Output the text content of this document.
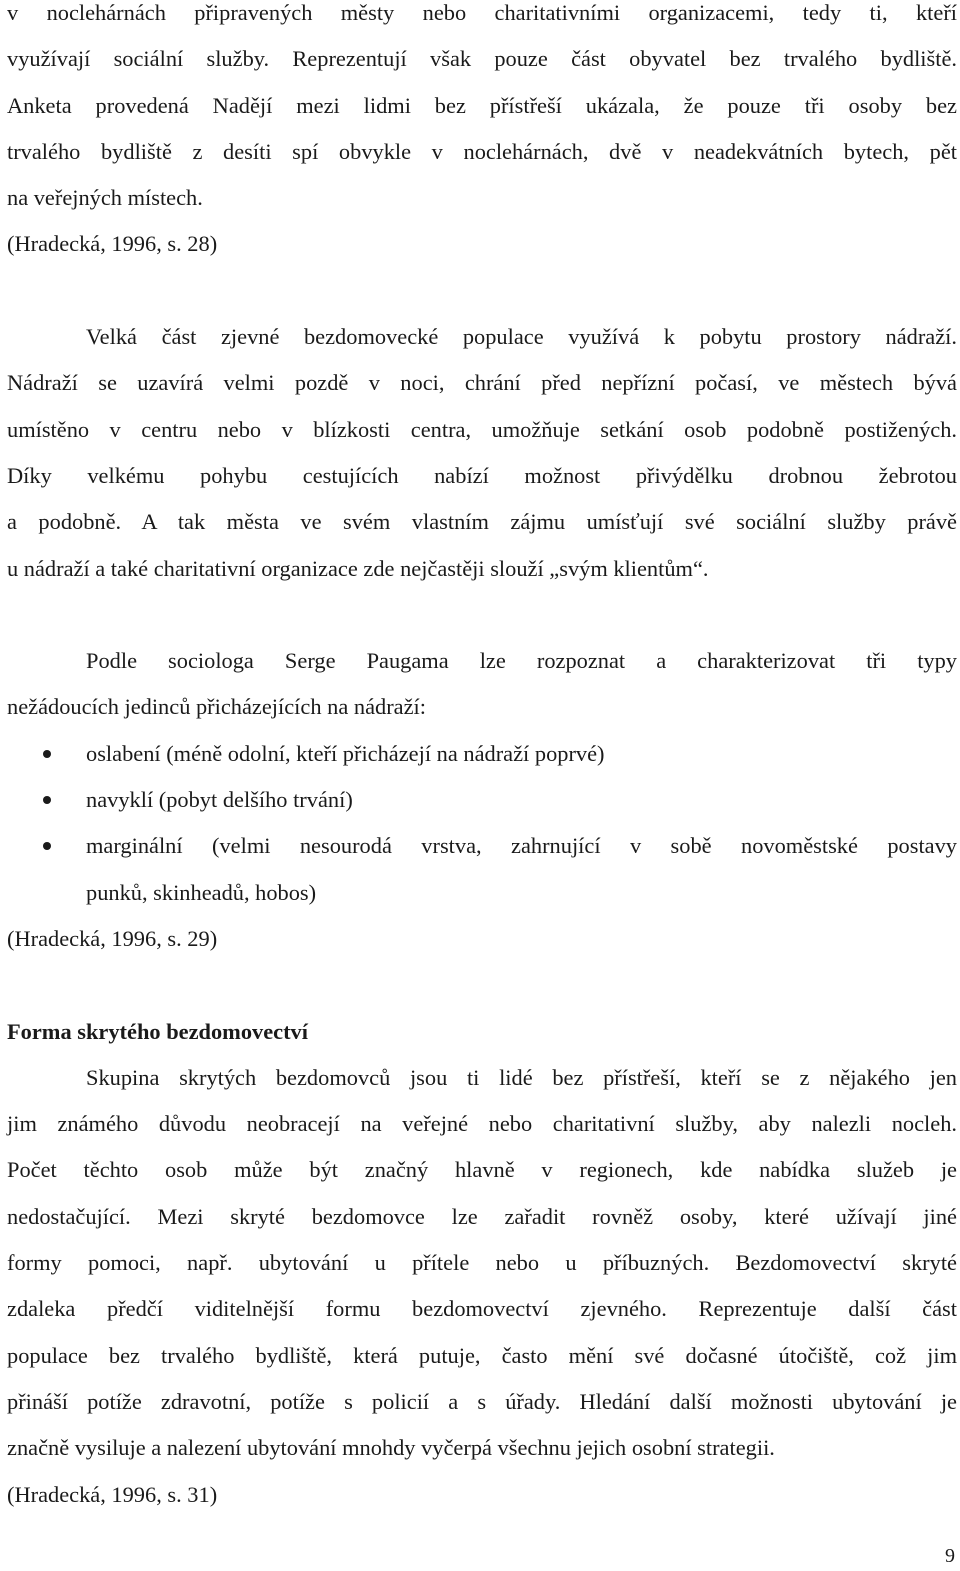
v noclehárnách připravených městy nebo charitativními organizacemi, tedy ti, kteří
využívají sociální služby. Reprezentují však pouze část obyvatel bez trvalého bydliště.
Anketa provedená Nadějí mezi lidmi bez přístřeší ukázala, že pouze tři osoby bez
trvalého bydliště z desíti spí obvykle v noclehárnách, dvě v neadekvátních bytech, pět
na veřejných místech.
(Hradecká, 1996, s. 28)
Velká část zjevné bezdomovecké populace využívá k pobytu prostory nádraží.
Nádraží se uzavírá velmi pozdě v noci, chrání před nepřízní počasí, ve městech bývá
umístěno v centru nebo v blízkosti centra, umožňuje setkání osob podobně postižených.
Díky velkému pohybu cestujících nabízí možnost přivýdělku drobnou žebrotou
a podobně. A tak města ve svém vlastním zájmu umísťují své sociální služby právě
u nádraží a také charitativní organizace zde nejčastěji slouží „svým klientům“.
Podle sociologa Serge Paugama lze rozpoznat a charakterizovat tři typy
nežádoucích jedinců přicházejících na nádraží:
oslabení (méně odolní, kteří přicházejí na nádraží poprvé)
navyklí (pobyt delšího trvání)
marginální (velmi nesourodá vrstva, zahrnující v sobě novoměstské postavy
punků, skinheadů, hobos)
(Hradecká, 1996, s. 29)
Forma skrytého bezdomovectví
Skupina skrytých bezdomovců jsou ti lidé bez přístřeší, kteří se z nějakého jen
jim známého důvodu neobracejí na veřejné nebo charitativní služby, aby nalezli nocleh.
Počet těchto osob může být značný hlavně v regionech, kde nabídka služeb je
nedostačující. Mezi skryté bezdomovce lze zařadit rovněž osoby, které užívají jiné
formy pomoci, např. ubytování u přítele nebo u příbuzných. Bezdomovectví skryté
zdaleka předčí viditelnější formu bezdomovectví zjevného. Reprezentuje další část
populace bez trvalého bydliště, která putuje, často mění své dočasné útočiště, což jim
přináší potíže zdravotní, potíže s policií a s úřady. Hledání další možnosti ubytování je
značně vysiluje a nalezení ubytování mnohdy vyčerpá všechnu jejich osobní strategii.
(Hradecká, 1996, s. 31)
9
